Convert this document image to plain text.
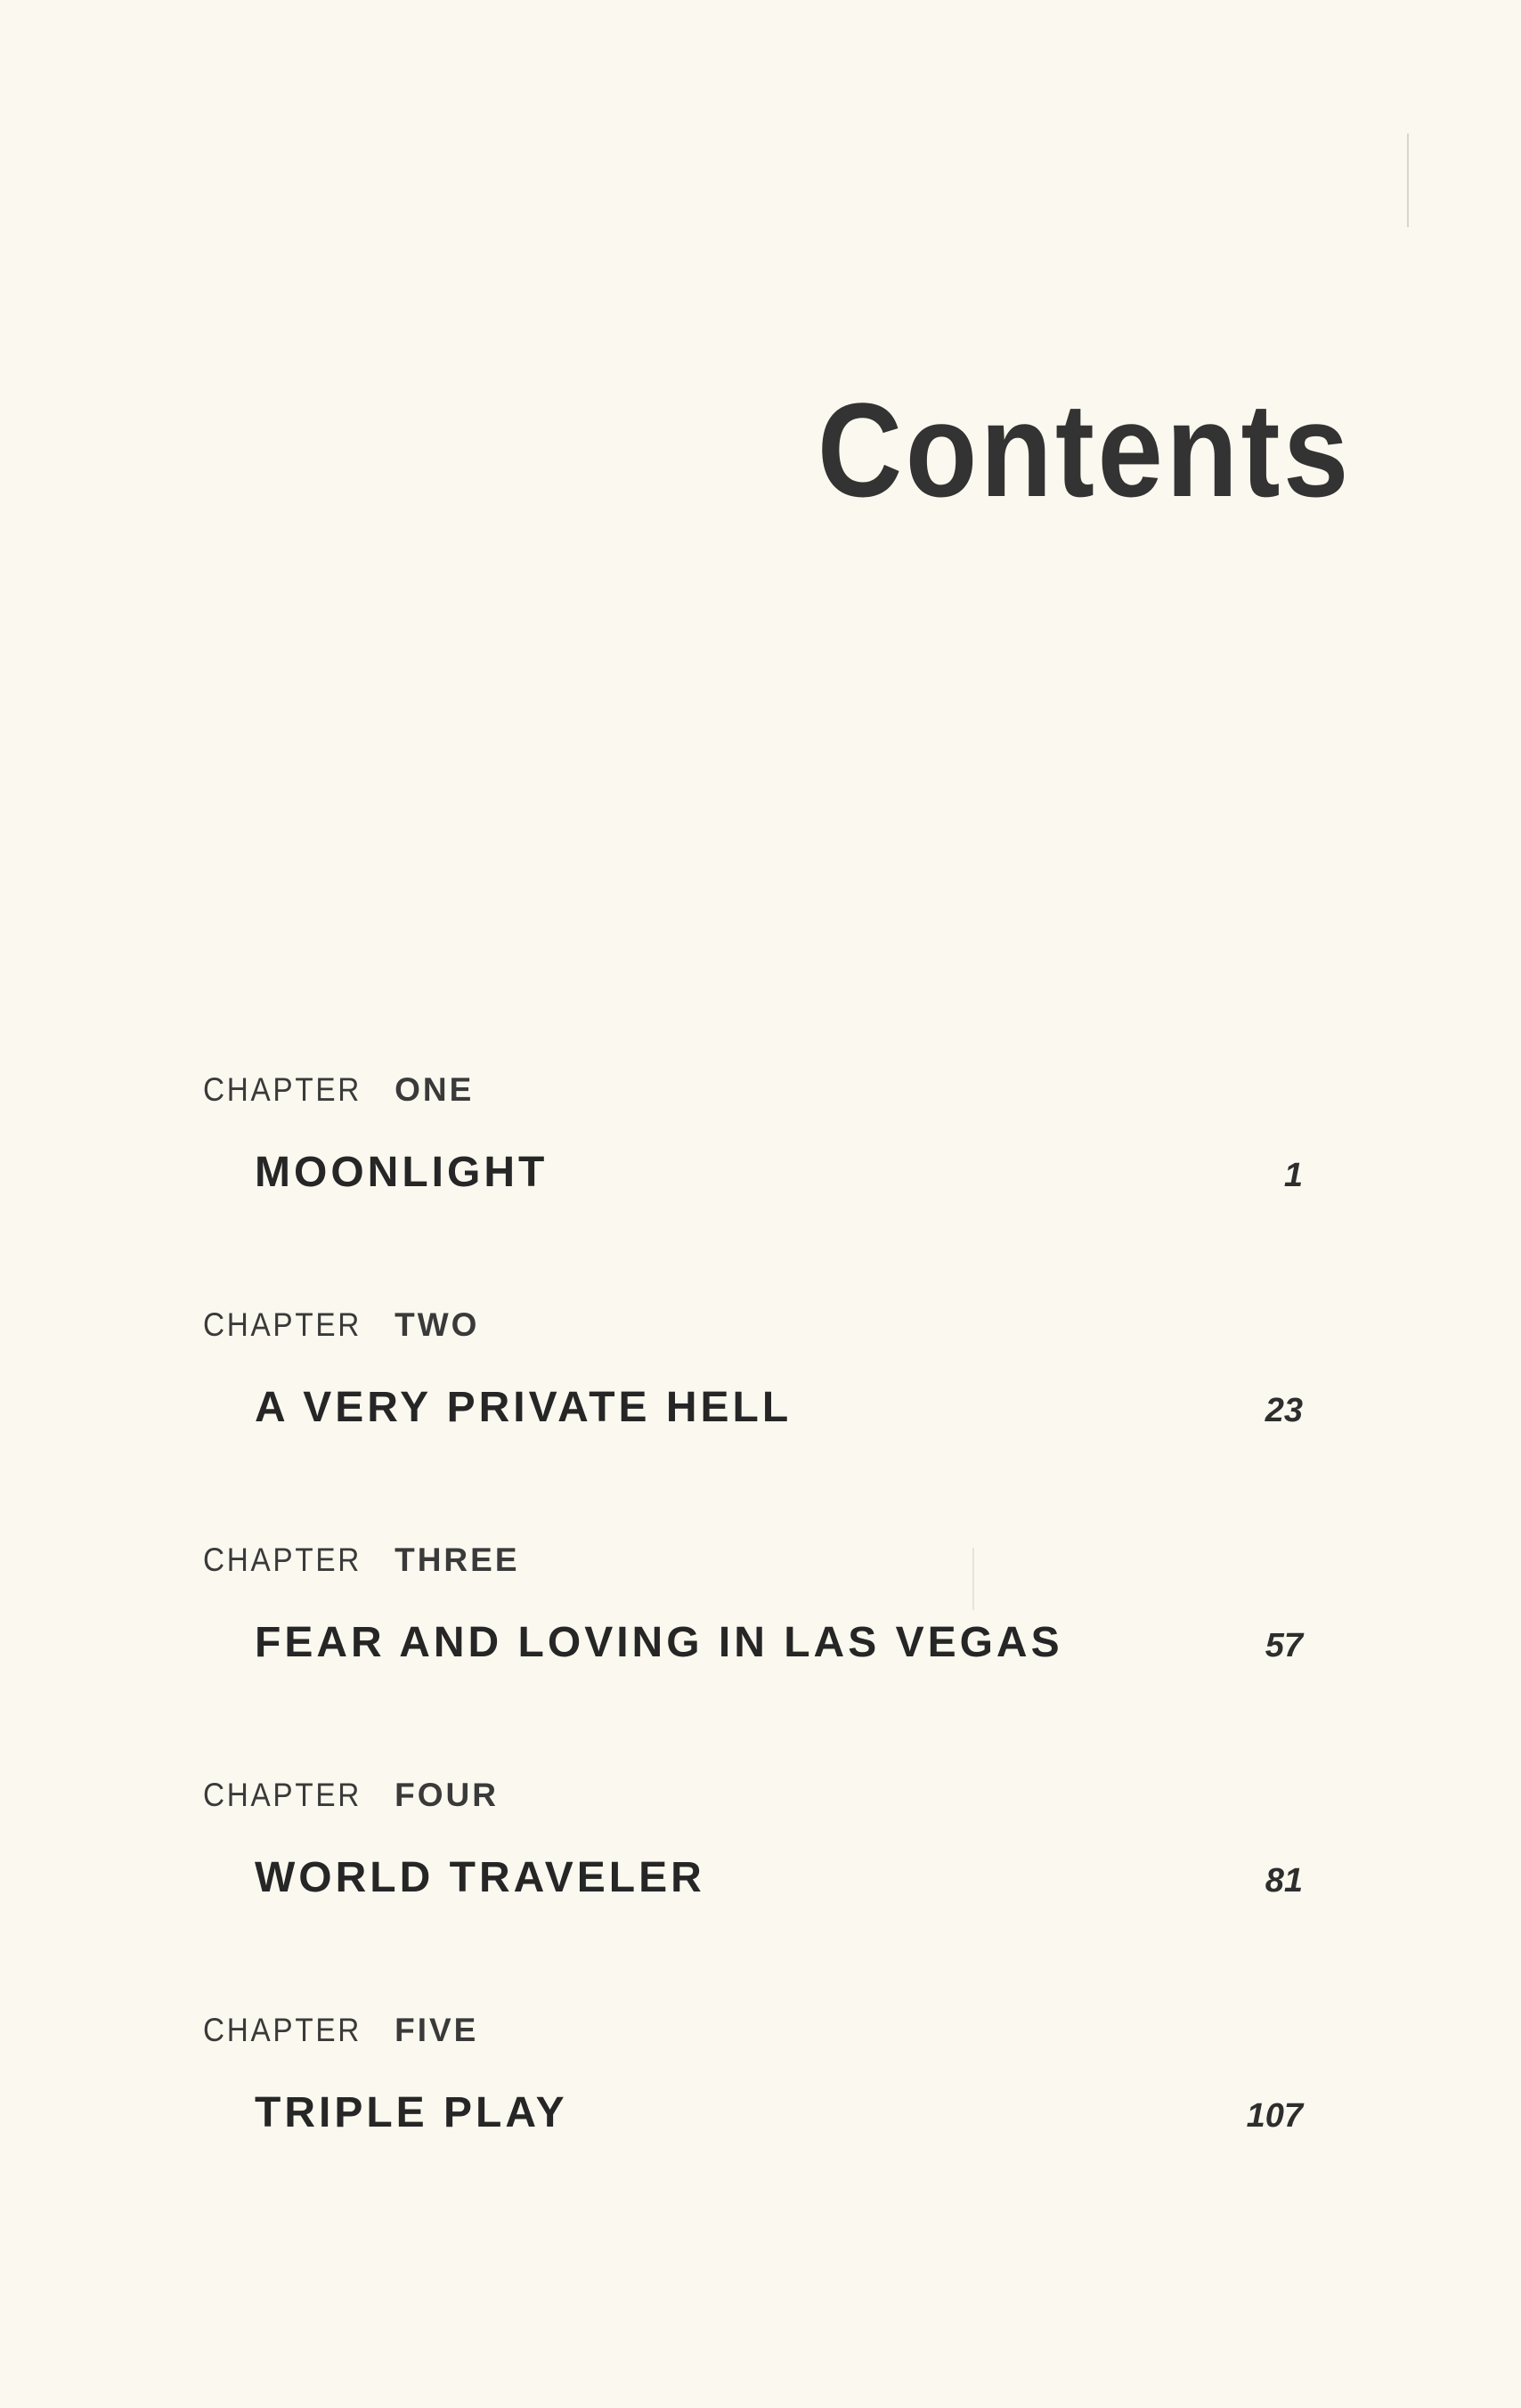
Contents
CHAPTER ONE
MOONLIGHT	1
CHAPTER TWO
A VERY PRIVATE HELL	23
CHAPTER THREE
FEAR AND LOVING IN LAS VEGAS	57
CHAPTER FOUR
WORLD TRAVELER	81
CHAPTER FIVE
TRIPLE PLAY	107
